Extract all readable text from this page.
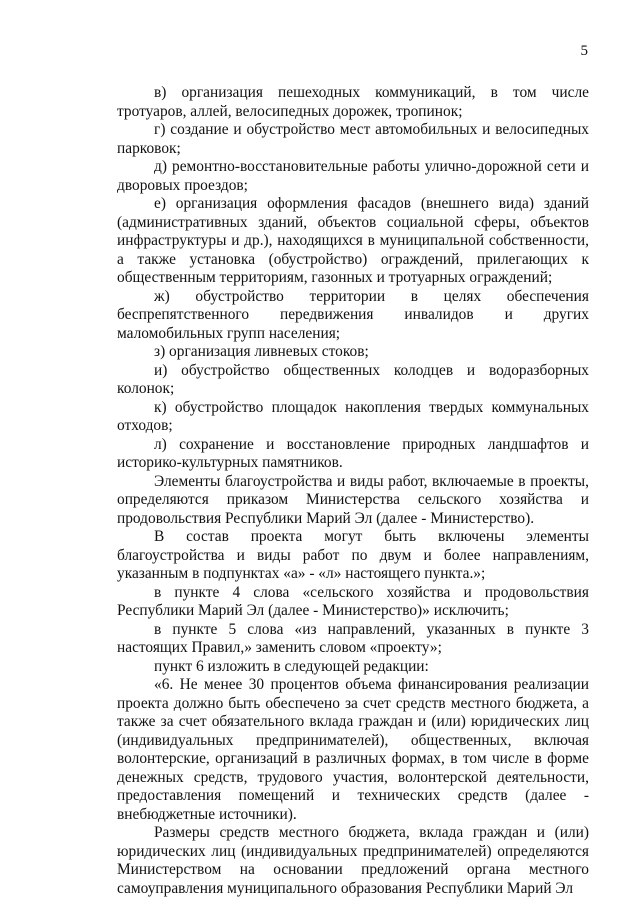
5

в) организация пешеходных коммуникаций, в том числе тротуаров, аллей, велосипедных дорожек, тропинок;

г) создание и обустройство мест автомобильных и велосипедных парковок;

д) ремонтно-восстановительные работы улично-дорожной сети и дворовых проездов;

е) организация оформления фасадов (внешнего вида) зданий (административных зданий, объектов социальной сферы, объектов инфраструктуры и др.), находящихся в муниципальной собственности, а также установка (обустройство) ограждений, прилегающих к общественным территориям, газонных и тротуарных ограждений;

ж) обустройство территории в целях обеспечения беспрепятственного передвижения инвалидов и других маломобильных групп населения;

з) организация ливневых стоков;

и) обустройство общественных колодцев и водоразборных колонок;

к) обустройство площадок накопления твердых коммунальных отходов;

л) сохранение и восстановление природных ландшафтов и историко-культурных памятников.

Элементы благоустройства и виды работ, включаемые в проекты, определяются приказом Министерства сельского хозяйства и продовольствия Республики Марий Эл (далее - Министерство).

В состав проекта могут быть включены элементы благоустройства и виды работ по двум и более направлениям, указанным в подпунктах «а» - «л» настоящего пункта.»;

в пункте 4 слова «сельского хозяйства и продовольствия Республики Марий Эл (далее - Министерство)» исключить;

в пункте 5 слова «из направлений, указанных в пункте 3 настоящих Правил,» заменить словом «проекту»;

пункт 6 изложить в следующей редакции:

«6. Не менее 30 процентов объема финансирования реализации проекта должно быть обеспечено за счет средств местного бюджета, а также за счет обязательного вклада граждан и (или) юридических лиц (индивидуальных предпринимателей), общественных, включая волонтерские, организаций в различных формах, в том числе в форме денежных средств, трудового участия, волонтерской деятельности, предоставления помещений и технических средств (далее - внебюджетные источники).

Размеры средств местного бюджета, вклада граждан и (или) юридических лиц (индивидуальных предпринимателей) определяются Министерством на основании предложений органа местного самоуправления муниципального образования Республики Марий Эл
